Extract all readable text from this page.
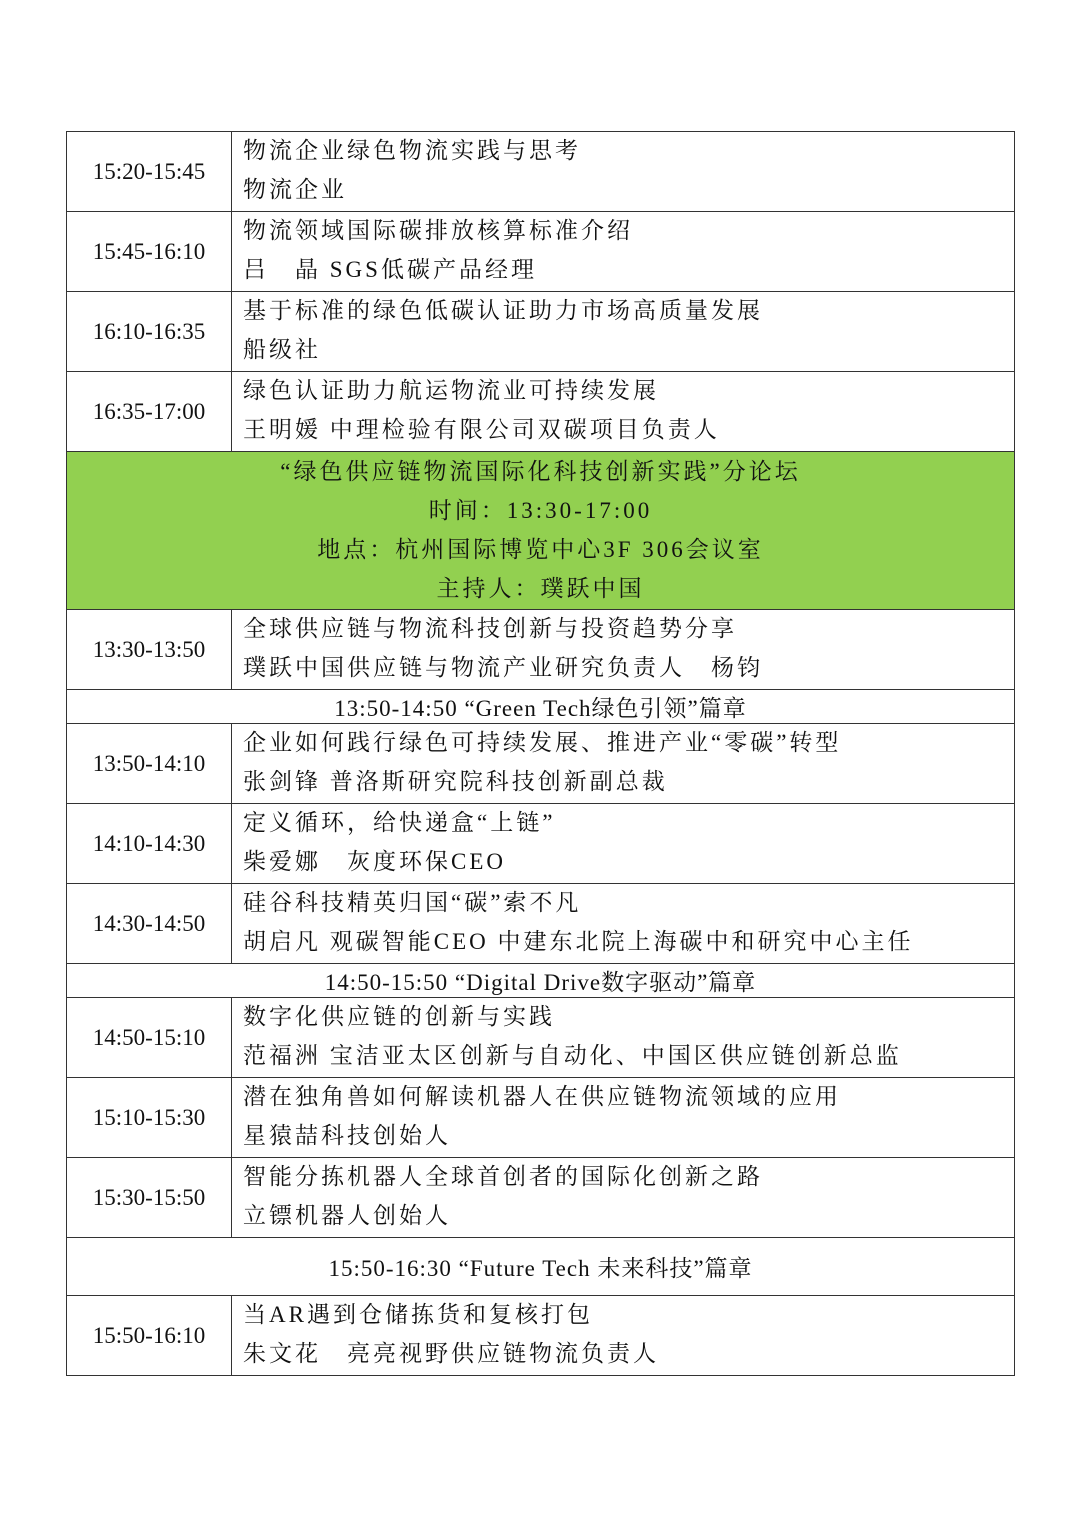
15:20-15:45	物流企业绿色物流实践与思考
物流企业

15:45-16:10	物流领域国际碳排放核算标准介绍
吕　晶 SGS低碳产品经理

16:10-16:35	基于标准的绿色低碳认证助力市场高质量发展
船级社

16:35-17:00	绿色认证助力航运物流业可持续发展
王明媛 中理检验有限公司双碳项目负责人

“绿色供应链物流国际化科技创新实践”分论坛
时间：13:30-17:00
地点：杭州国际博览中心3F 306会议室
主持人：璞跃中国	

13:30-13:50	全球供应链与物流科技创新与投资趋势分享
璞跃中国供应链与物流产业研究负责人　杨钧

13:50-14:50 “Green Tech绿色引领”篇章	
13:50-14:10	企业如何践行绿色可持续发展、推进产业“零碳”转型
张剑锋 普洛斯研究院科技创新副总裁

14:10-14:30	定义循环，给快递盒“上链”
柴爱娜　灰度环保CEO

14:30-14:50	硅谷科技精英归国“碳”索不凡
胡启凡 观碳智能CEO 中建东北院上海碳中和研究中心主任

14:50-15:50 “Digital Drive数字驱动”篇章	
14:50-15:10	数字化供应链的创新与实践
范福洲 宝洁亚太区创新与自动化、中国区供应链创新总监

15:10-15:30	潜在独角兽如何解读机器人在供应链物流领域的应用
星猿喆科技创始人

15:30-15:50	智能分拣机器人全球首创者的国际化创新之路
立镖机器人创始人

15:50-16:30 “Future Tech 未来科技”篇章	
15:50-16:10	当AR遇到仓储拣货和复核打包
朱文花　亮亮视野供应链物流负责人
